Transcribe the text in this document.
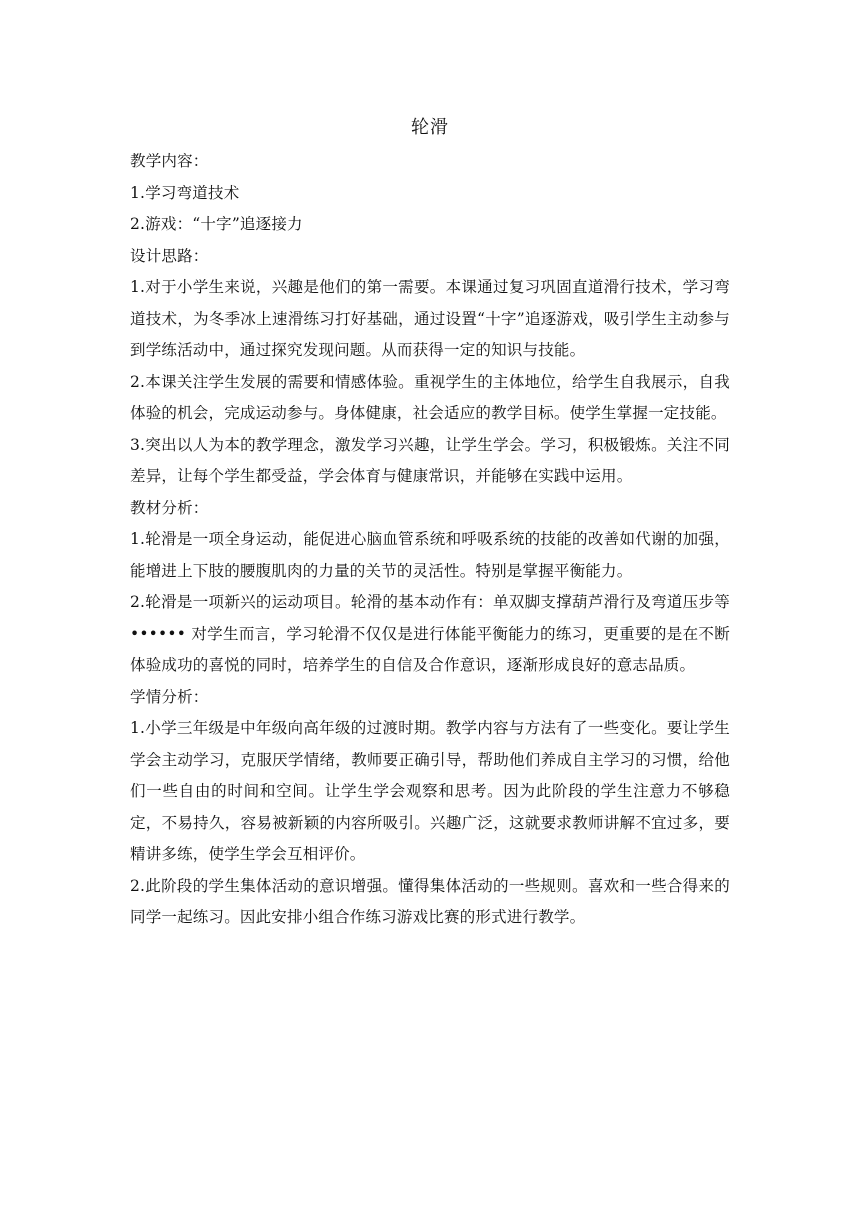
轮滑

教学内容：

1.学习弯道技术

2.游戏：“十字”追逐接力

设计思路：

1.对于小学生来说，兴趣是他们的第一需要。本课通过复习巩固直道滑行技术，学习弯道技术，为冬季冰上速滑练习打好基础，通过设置“十字”追逐游戏，吸引学生主动参与到学练活动中，通过探究发现问题。从而获得一定的知识与技能。

2.本课关注学生发展的需要和情感体验。重视学生的主体地位，给学生自我展示，自我体验的机会，完成运动参与。身体健康，社会适应的教学目标。使学生掌握一定技能。

3.突出以人为本的教学理念，激发学习兴趣，让学生学会。学习，积极锻炼。关注不同差异，让每个学生都受益，学会体育与健康常识，并能够在实践中运用。

教材分析：

1.轮滑是一项全身运动，能促进心脑血管系统和呼吸系统的技能的改善如代谢的加强，能增进上下肢的腰腹肌肉的力量的关节的灵活性。特别是掌握平衡能力。

2.轮滑是一项新兴的运动项目。轮滑的基本动作有：单双脚支撑葫芦滑行及弯道压步等 •••••• 对学生而言，学习轮滑不仅仅是进行体能平衡能力的练习，更重要的是在不断体验成功的喜悦的同时，培养学生的自信及合作意识，逐渐形成良好的意志品质。

学情分析：

1.小学三年级是中年级向高年级的过渡时期。教学内容与方法有了一些变化。要让学生学会主动学习，克服厌学情绪，教师要正确引导，帮助他们养成自主学习的习惯，给他们一些自由的时间和空间。让学生学会观察和思考。因为此阶段的学生注意力不够稳定，不易持久，容易被新颖的内容所吸引。兴趣广泛，这就要求教师讲解不宜过多，要精讲多练，使学生学会互相评价。

2.此阶段的学生集体活动的意识增强。懂得集体活动的一些规则。喜欢和一些合得来的同学一起练习。因此安排小组合作练习游戏比赛的形式进行教学。
